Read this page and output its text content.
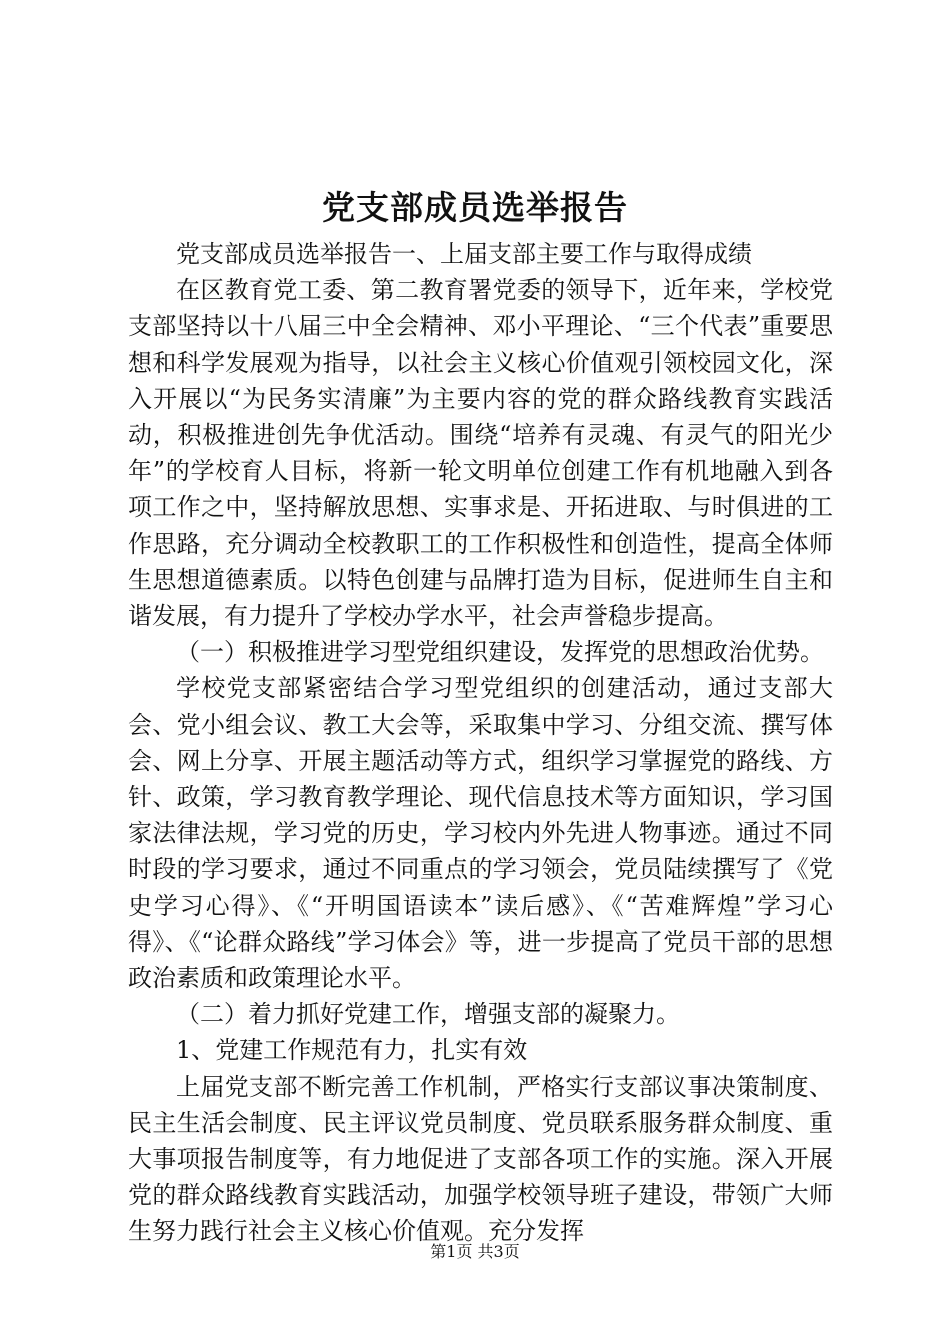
党支部成员选举报告

党支部成员选举报告一、上届支部主要工作与取得成绩

在区教育党工委、第二教育署党委的领导下，近年来，学校党支部坚持以十八届三中全会精神、邓小平理论、“三个代表”重要思想和科学发展观为指导，以社会主义核心价值观引领校园文化，深入开展以“为民务实清廉”为主要内容的党的群众路线教育实践活动，积极推进创先争优活动。围绕“培养有灵魂、有灵气的阳光少年”的学校育人目标，将新一轮文明单位创建工作有机地融入到各项工作之中，坚持解放思想、实事求是、开拓进取、与时俱进的工作思路，充分调动全校教职工的工作积极性和创造性，提高全体师生思想道德素质。以特色创建与品牌打造为目标，促进师生自主和谐发展，有力提升了学校办学水平，社会声誉稳步提高。

（一）积极推进学习型党组织建设，发挥党的思想政治优势。

学校党支部紧密结合学习型党组织的创建活动，通过支部大会、党小组会议、教工大会等，采取集中学习、分组交流、撰写体会、网上分享、开展主题活动等方式，组织学习掌握党的路线、方针、政策，学习教育教学理论、现代信息技术等方面知识，学习国家法律法规，学习党的历史，学习校内外先进人物事迹。通过不同时段的学习要求，通过不同重点的学习领会，党员陆续撰写了《党史学习心得》、《“开明国语读本”读后感》、《“苦难辉煌”学习心得》、《“论群众路线”学习体会》等，进一步提高了党员干部的思想政治素质和政策理论水平。

（二）着力抓好党建工作，增强支部的凝聚力。

1、党建工作规范有力，扎实有效

上届党支部不断完善工作机制，严格实行支部议事决策制度、民主生活会制度、民主评议党员制度、党员联系服务群众制度、重大事项报告制度等，有力地促进了支部各项工作的实施。深入开展党的群众路线教育实践活动，加强学校领导班子建设，带领广大师生努力践行社会主义核心价值观。充分发挥

第1页 共3页
